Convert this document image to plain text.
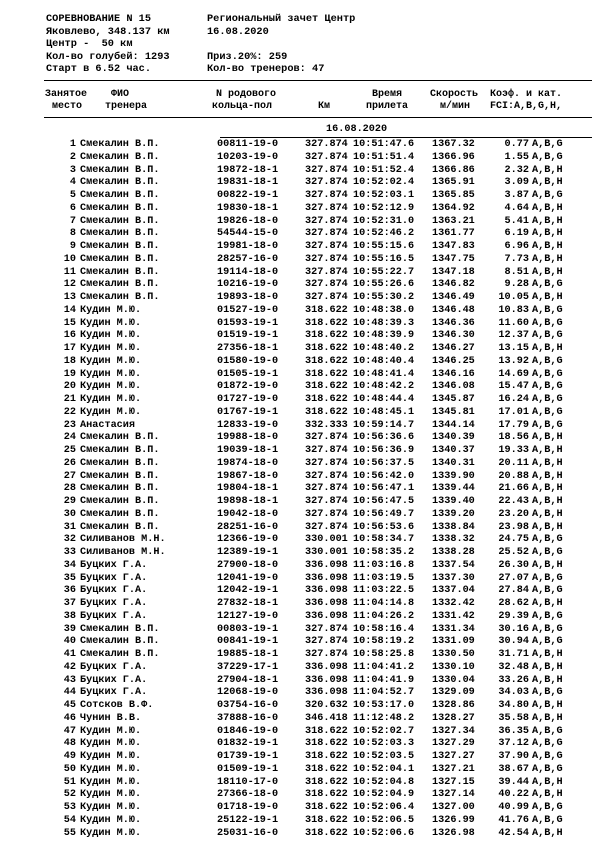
СОРЕВНОВАНИЕ N 15
Яковлево, 348.137 км
Центр -  50 км
Кол-во голубей: 1293
Старт в 6.52 час.
Региональный зачет Центр
16.08.2020
Приз.20%: 259
Кол-во тренеров: 47
Занятое
место
ФИО
тренера
N родового
кольца-пол	Км
Время
прилета
Скорость
м/мин
Коэф. и кат.
FCI:A,B,G,H,
16.08.2020
1 Смекалин В.П.	00811-19-0	327.874 10:51:47.6 1367.32	0.77 A,B,G
2 Смекалин В.П.	10203-19-0	327.874 10:51:51.4 1366.96	1.55 A,B,G
3 Смекалин В.П.	19872-18-1	327.874 10:51:52.4 1366.86	2.32 A,B,H
4 Смекалин В.П.	19831-18-1	327.874 10:52:02.4 1365.91	3.09 A,B,H
5 Смекалин В.П.	00822-19-1	327.874 10:52:03.1 1365.85	3.87 A,B,G
6 Смекалин В.П.	19830-18-1	327.874 10:52:12.9 1364.92	4.64 A,B,H
7 Смекалин В.П.	19826-18-0	327.874 10:52:31.0 1363.21	5.41 A,B,H
8 Смекалин В.П.	54544-15-0	327.874 10:52:46.2 1361.77	6.19 A,B,H
9 Смекалин В.П.	19981-18-0	327.874 10:55:15.6 1347.83	6.96 A,B,H
10 Смекалин В.П.	28257-16-0	327.874 10:55:16.5 1347.75	7.73 A,B,H
11 Смекалин В.П.	19114-18-0	327.874 10:55:22.7 1347.18	8.51 A,B,H
12 Смекалин В.П.	10216-19-0	327.874 10:55:26.6 1346.82	9.28 A,B,G
13 Смекалин В.П.	19893-18-0	327.874 10:55:30.2 1346.49 10.05 A,B,H
14 Кудин М.Ю.	01527-19-0	318.622 10:48:38.0 1346.48 10.83 A,B,G
15 Кудин М.Ю.	01593-19-1	318.622 10:48:39.3 1346.36 11.60 A,B,G
16 Кудин М.Ю.	01519-19-1	318.622 10:48:39.9 1346.30 12.37 A,B,G
17 Кудин М.Ю.	27356-18-1	318.622 10:48:40.2 1346.27 13.15 A,B,H
18 Кудин М.Ю.	01580-19-0	318.622 10:48:40.4 1346.25 13.92 A,B,G
19 Кудин М.Ю.	01505-19-1	318.622 10:48:41.4 1346.16 14.69 A,B,G
20 Кудин М.Ю.	01872-19-0	318.622 10:48:42.2 1346.08 15.47 A,B,G
21 Кудин М.Ю.	01727-19-0	318.622 10:48:44.4 1345.87 16.24 A,B,G
22 Кудин М.Ю.	01767-19-1	318.622 10:48:45.1 1345.81 17.01 A,B,G
23 Анастасия	12833-19-0	332.333 10:59:14.7 1344.14 17.79 A,B,G
24 Смекалин В.П.	19988-18-0	327.874 10:56:36.6 1340.39 18.56 A,B,H
25 Смекалин В.П.	19039-18-1	327.874 10:56:36.9 1340.37 19.33 A,B,H
26 Смекалин В.П.	19874-18-0	327.874 10:56:37.5 1340.31 20.11 A,B,H
27 Смекалин В.П.	19867-18-0	327.874 10:56:42.0 1339.90 20.88 A,B,H
28 Смекалин В.П.	19804-18-1	327.874 10:56:47.1 1339.44 21.66 A,B,H
29 Смекалин В.П.	19898-18-1	327.874 10:56:47.5 1339.40 22.43 A,B,H
30 Смекалин В.П.	19042-18-0	327.874 10:56:49.7 1339.20 23.20 A,B,H
31 Смекалин В.П.	28251-16-0	327.874 10:56:53.6 1338.84 23.98 A,B,H
32 Силиванов М.Н.	12366-19-0	330.001 10:58:34.7 1338.32 24.75 A,B,G
33 Силиванов М.Н.	12389-19-1	330.001 10:58:35.2 1338.28 25.52 A,B,G
34 Буцких Г.А.	27900-18-0	336.098 11:03:16.8 1337.54 26.30 A,B,H
35 Буцких Г.А.	12041-19-0	336.098 11:03:19.5 1337.30 27.07 A,B,G
36 Буцких Г.А.	12042-19-1	336.098 11:03:22.5 1337.04 27.84 A,B,G
37 Буцких Г.А.	27832-18-1	336.098 11:04:14.8 1332.42 28.62 A,B,H
38 Буцких Г.А.	12127-19-0	336.098 11:04:26.2 1331.42 29.39 A,B,G
39 Смекалин В.П.	00803-19-1	327.874 10:58:16.4 1331.34 30.16 A,B,G
40 Смекалин В.П.	00841-19-1	327.874 10:58:19.2 1331.09 30.94 A,B,G
41 Смекалин В.П.	19885-18-1	327.874 10:58:25.8 1330.50 31.71 A,B,H
42 Буцких Г.А.	37229-17-1	336.098 11:04:41.2 1330.10 32.48 A,B,H
43 Буцких Г.А.	27904-18-1	336.098 11:04:41.9 1330.04 33.26 A,B,H
44 Буцких Г.А.	12068-19-0	336.098 11:04:52.7 1329.09 34.03 A,B,G
45 Сотсков В.Ф.	03754-16-0	320.632 10:53:17.0 1328.86 34.80 A,B,H
46 Чунин В.В.	37888-16-0	346.418 11:12:48.2 1328.27 35.58 A,B,H
47 Кудин М.Ю.	01846-19-0	318.622 10:52:02.7 1327.34 36.35 A,B,G
48 Кудин М.Ю.	01832-19-1	318.622 10:52:03.3 1327.29 37.12 A,B,G
49 Кудин М.Ю.	01739-19-1	318.622 10:52:03.5 1327.27 37.90 A,B,G
50 Кудин М.Ю.	01509-19-1	318.622 10:52:04.1 1327.21 38.67 A,B,G
51 Кудин М.Ю.	18110-17-0	318.622 10:52:04.8 1327.15 39.44 A,B,H
52 Кудин М.Ю.	27366-18-0	318.622 10:52:04.9 1327.14 40.22 A,B,H
53 Кудин М.Ю.	01718-19-0	318.622 10:52:06.4 1327.00 40.99 A,B,G
54 Кудин М.Ю.	25122-19-1	318.622 10:52:06.5 1326.99 41.76 A,B,G
55 Кудин М.Ю.	25031-16-0	318.622 10:52:06.6 1326.98 42.54 A,B,H
